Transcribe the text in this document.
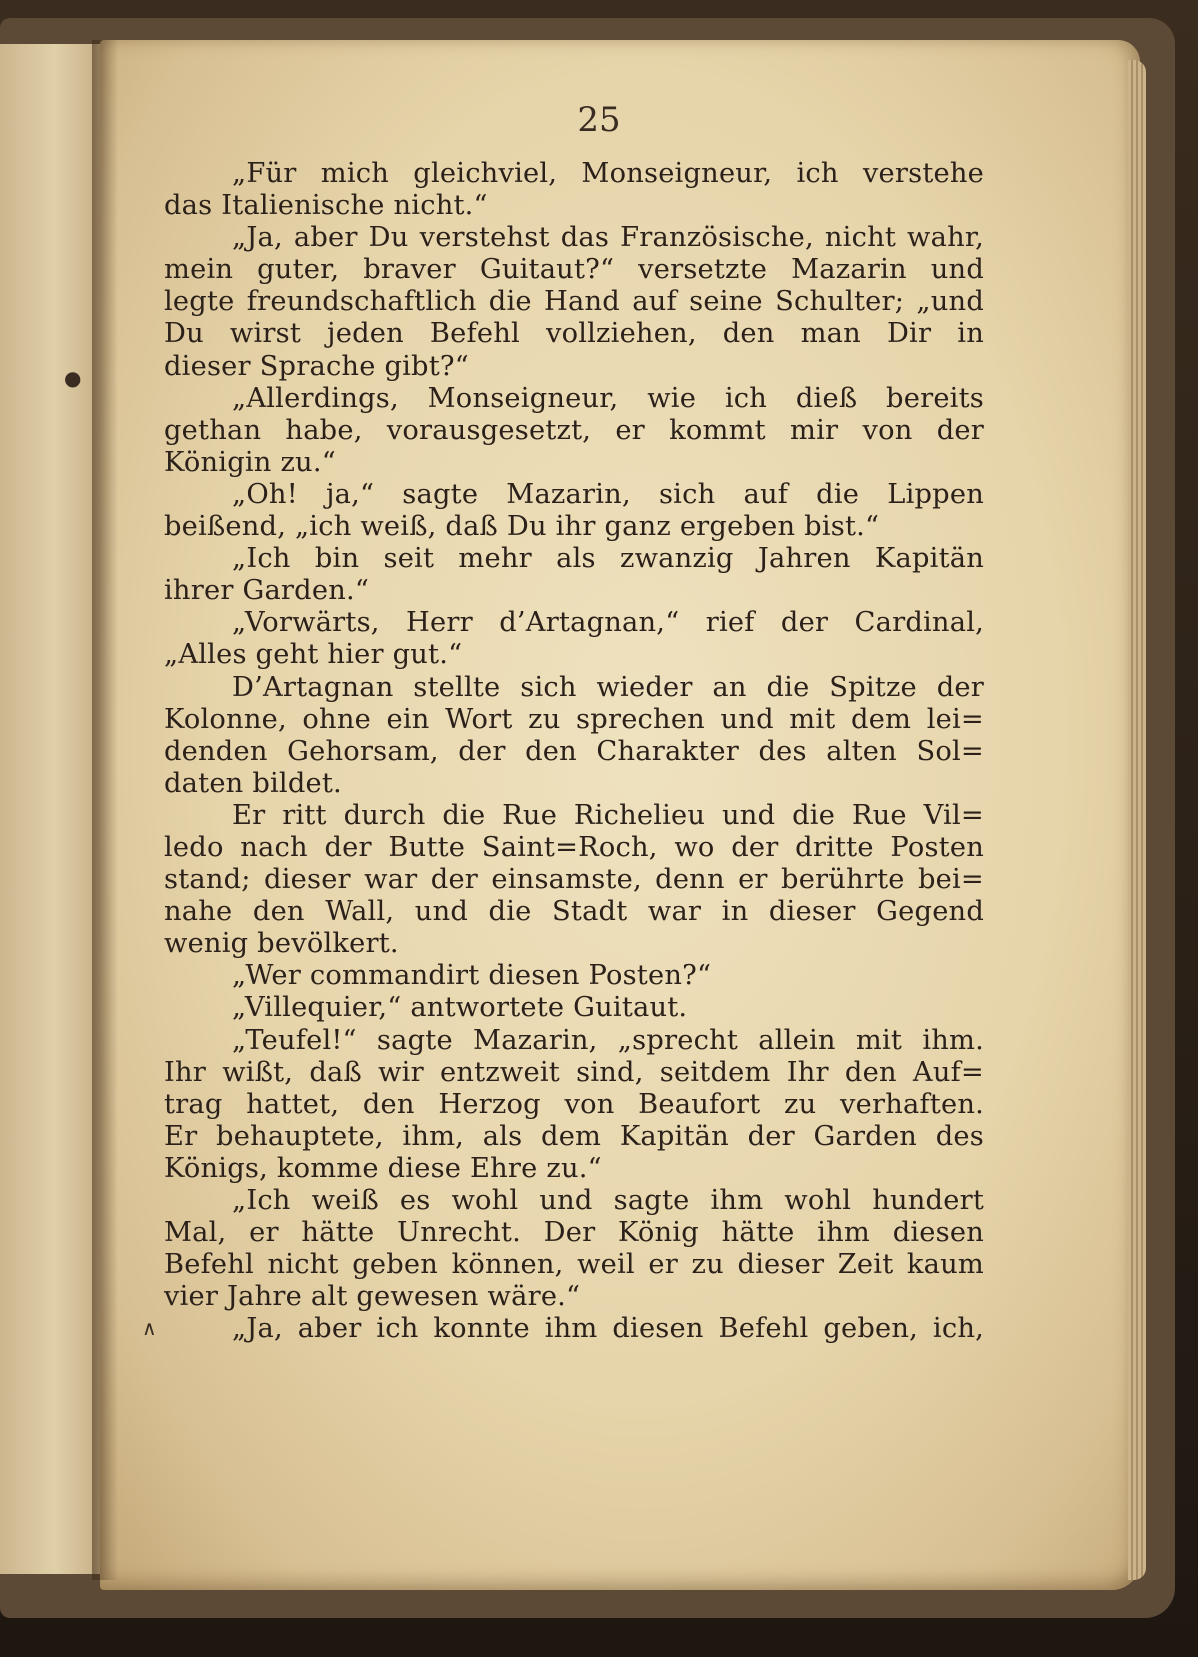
●
∧
25
„Für mich gleichviel, Monseigneur, ich verstehe
das Italienische nicht.“
„Ja, aber Du verstehst das Französische, nicht wahr,
mein guter, braver Guitaut?“ versetzte Mazarin und
legte freundschaftlich die Hand auf seine Schulter; „und
Du wirst jeden Befehl vollziehen, den man Dir in
dieser Sprache gibt?“
„Allerdings, Monseigneur, wie ich dieß bereits
gethan habe, vorausgesetzt, er kommt mir von der
Königin zu.“
„Oh! ja,“ sagte Mazarin, sich auf die Lippen
beißend, „ich weiß, daß Du ihr ganz ergeben bist.“
„Ich bin seit mehr als zwanzig Jahren Kapitän
ihrer Garden.“
„Vorwärts, Herr d’Artagnan,“ rief der Cardinal,
„Alles geht hier gut.“
D’Artagnan stellte sich wieder an die Spitze der
Kolonne, ohne ein Wort zu sprechen und mit dem lei=
denden Gehorsam, der den Charakter des alten Sol=
daten bildet.
Er ritt durch die Rue Richelieu und die Rue Vil=
ledo nach der Butte Saint=Roch, wo der dritte Posten
stand; dieser war der einsamste, denn er berührte bei=
nahe den Wall, und die Stadt war in dieser Gegend
wenig bevölkert.
„Wer commandirt diesen Posten?“
„Villequier,“ antwortete Guitaut.
„Teufel!“ sagte Mazarin, „sprecht allein mit ihm.
Ihr wißt, daß wir entzweit sind, seitdem Ihr den Auf=
trag hattet, den Herzog von Beaufort zu verhaften.
Er behauptete, ihm, als dem Kapitän der Garden des
Königs, komme diese Ehre zu.“
„Ich weiß es wohl und sagte ihm wohl hundert
Mal, er hätte Unrecht. Der König hätte ihm diesen
Befehl nicht geben können, weil er zu dieser Zeit kaum
vier Jahre alt gewesen wäre.“
„Ja, aber ich konnte ihm diesen Befehl geben, ich,
